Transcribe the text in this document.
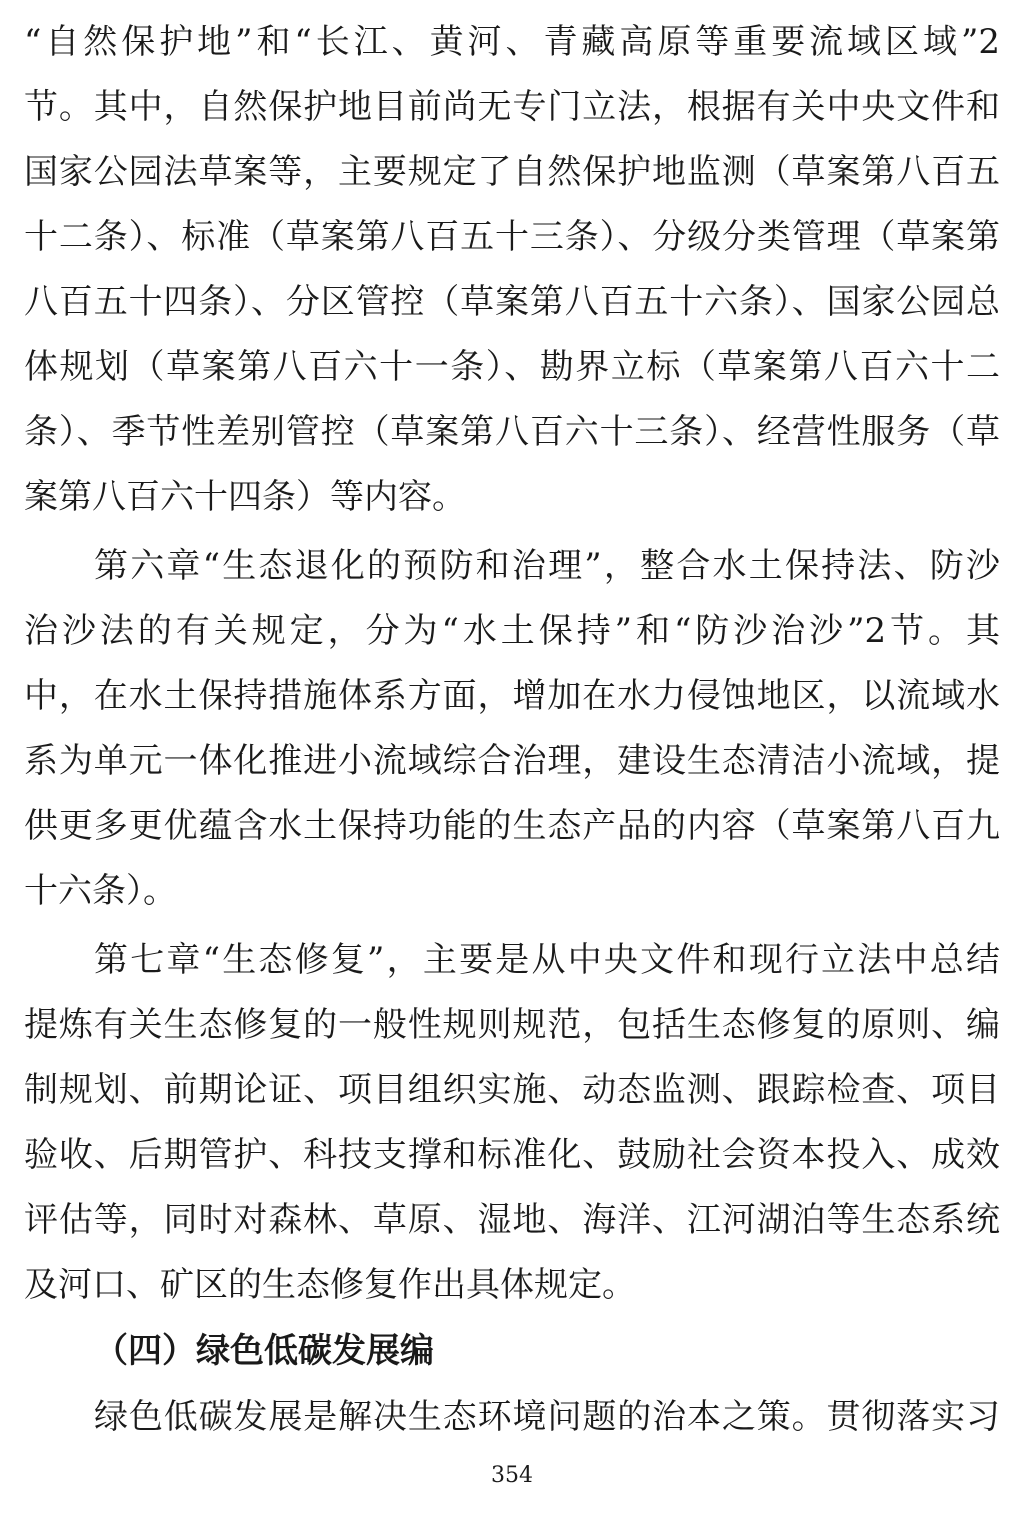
“自然保护地”和“长江、黄河、青藏高原等重要流域区域”2
节。其中，自然保护地目前尚无专门立法，根据有关中央文件和
国家公园法草案等，主要规定了自然保护地监测（草案第八百五
十二条）、标准（草案第八百五十三条）、分级分类管理（草案第
八百五十四条）、分区管控（草案第八百五十六条）、国家公园总
体规划（草案第八百六十一条）、勘界立标（草案第八百六十二
条）、季节性差别管控（草案第八百六十三条）、经营性服务（草
案第八百六十四条）等内容。
第六章“生态退化的预防和治理”，整合水土保持法、防沙
治沙法的有关规定，分为“水土保持”和“防沙治沙”2节。其
中，在水土保持措施体系方面，增加在水力侵蚀地区，以流域水
系为单元一体化推进小流域综合治理，建设生态清洁小流域，提
供更多更优蕴含水土保持功能的生态产品的内容（草案第八百九
十六条）。
第七章“生态修复”，主要是从中央文件和现行立法中总结
提炼有关生态修复的一般性规则规范，包括生态修复的原则、编
制规划、前期论证、项目组织实施、动态监测、跟踪检查、项目
验收、后期管护、科技支撑和标准化、鼓励社会资本投入、成效
评估等，同时对森林、草原、湿地、海洋、江河湖泊等生态系统
及河口、矿区的生态修复作出具体规定。
（四）绿色低碳发展编
绿色低碳发展是解决生态环境问题的治本之策。贯彻落实习
354
